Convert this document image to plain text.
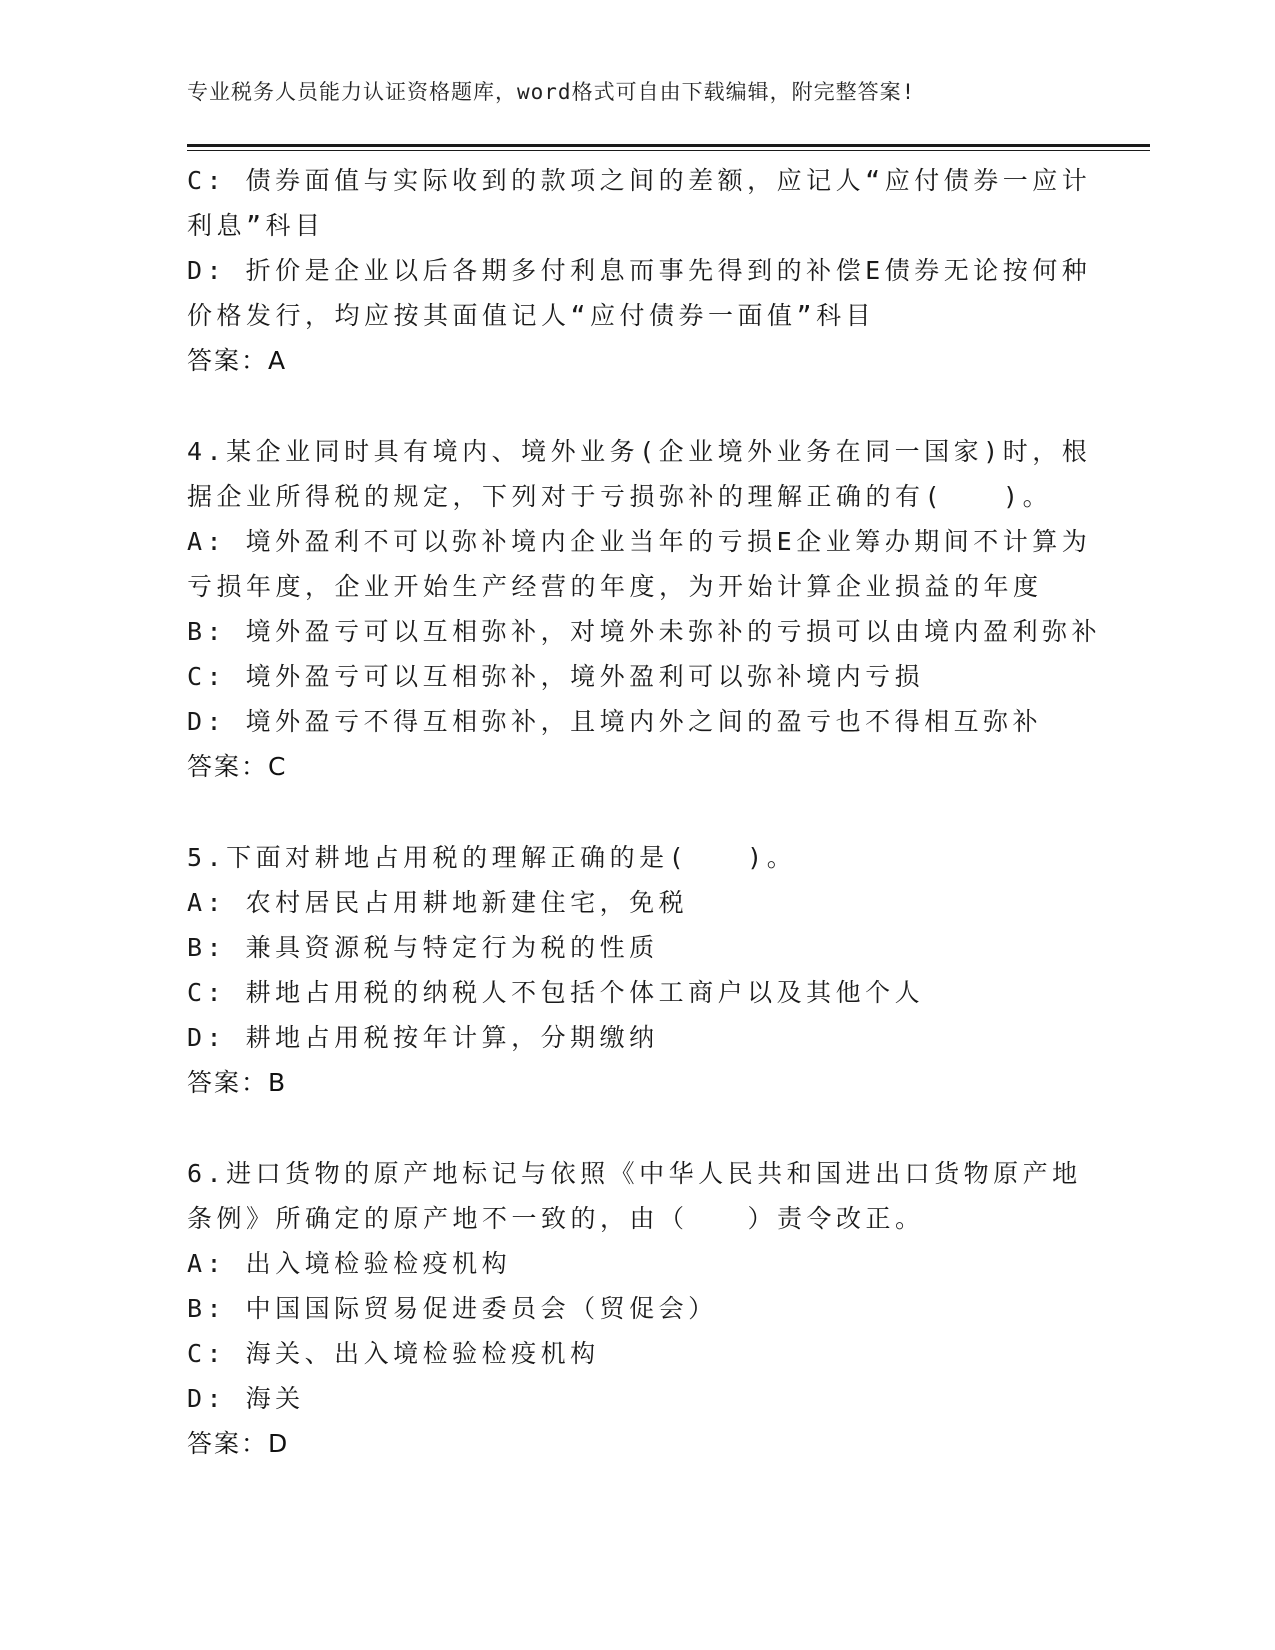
专业税务人员能力认证资格题库，word格式可自由下载编辑，附完整答案!

C: 债券面值与实际收到的款项之间的差额，应记人“应付债券一应计

利息”科目

D: 折价是企业以后各期多付利息而事先得到的补偿E债券无论按何种

价格发行，均应按其面值记人“应付债券一面值”科目

答案：A

4.某企业同时具有境内、境外业务(企业境外业务在同一国家)时，根

据企业所得税的规定，下列对于亏损弥补的理解正确的有(　　)。

A: 境外盈利不可以弥补境内企业当年的亏损E企业筹办期间不计算为

亏损年度，企业开始生产经营的年度，为开始计算企业损益的年度

B: 境外盈亏可以互相弥补，对境外未弥补的亏损可以由境内盈利弥补

C: 境外盈亏可以互相弥补，境外盈利可以弥补境内亏损

D: 境外盈亏不得互相弥补，且境内外之间的盈亏也不得相互弥补

答案：C

5.下面对耕地占用税的理解正确的是(　　)。

A: 农村居民占用耕地新建住宅，免税

B: 兼具资源税与特定行为税的性质

C: 耕地占用税的纳税人不包括个体工商户以及其他个人

D: 耕地占用税按年计算，分期缴纳

答案：B

6.进口货物的原产地标记与依照《中华人民共和国进出口货物原产地

条例》所确定的原产地不一致的，由（　　）责令改正。

A: 出入境检验检疫机构

B: 中国国际贸易促进委员会（贸促会）

C: 海关、出入境检验检疫机构

D: 海关

答案：D
